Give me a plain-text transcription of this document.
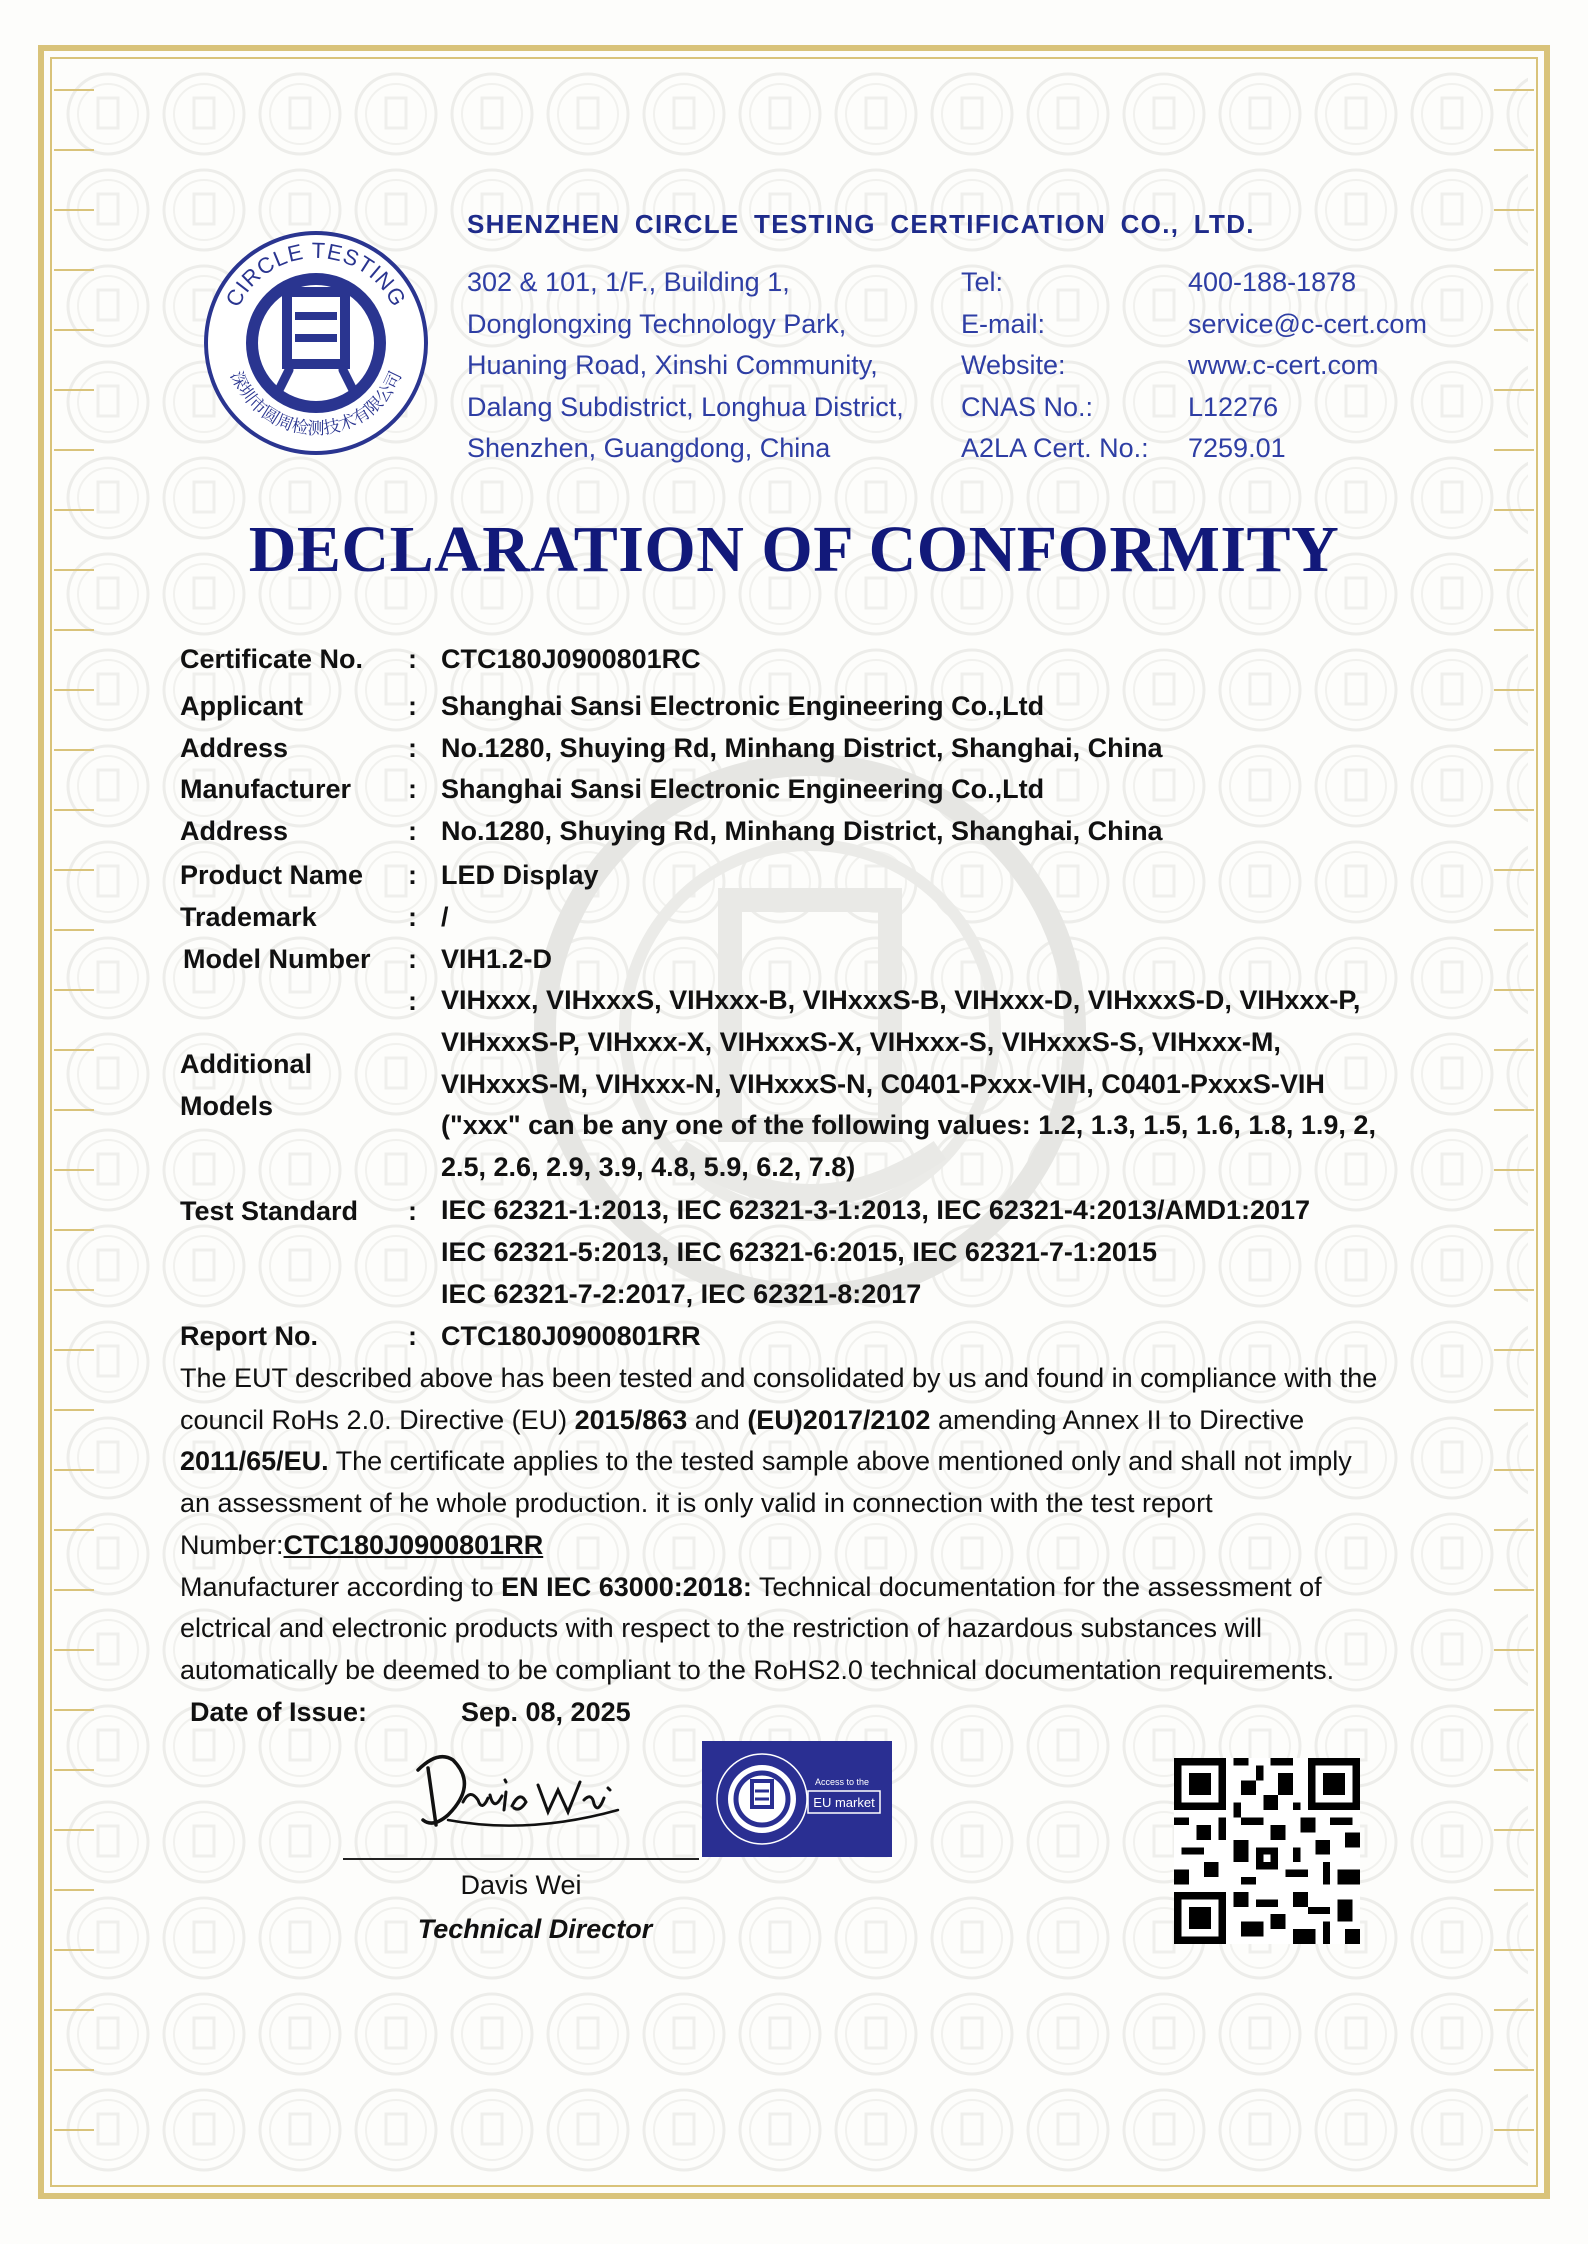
CIRCLE TESTING
深圳市圆周检测技术有限公司
SHENZHEN CIRCLE TESTING CERTIFICATION CO., LTD.
302 & 101, 1/F., Building 1,
Donglongxing Technology Park,
Huaning Road, Xinshi Community,
Dalang Subdistrict, Longhua District,
Shenzhen, Guangdong, China
Tel:	400-188-1878
E-mail:	service@c-cert.com
Website:	www.c-cert.com
CNAS No.:	L12276
A2LA Cert. No.: 7259.01
DECLARATION OF CONFORMITY
Certificate No. : CTC180J0900801RC
Applicant	: Shanghai Sansi Electronic Engineering Co.,Ltd
Address	: No.1280, Shuying Rd, Minhang District, Shanghai, China
Manufacturer : Shanghai Sansi Electronic Engineering Co.,Ltd
Address	: No.1280, Shuying Rd, Minhang District, Shanghai, China
Product Name : LED Display
Trademark	: /
Model Number : VIH1.2-D
Additional
Models
: VIHxxx, VIHxxxS, VIHxxx-B, VIHxxxS-B, VIHxxx-D, VIHxxxS-D, VIHxxx-P,
VIHxxxS-P, VIHxxx-X, VIHxxxS-X, VIHxxx-S, VIHxxxS-S, VIHxxx-M,
VIHxxxS-M, VIHxxx-N, VIHxxxS-N, C0401-Pxxx-VIH, C0401-PxxxS-VIH
("xxx" can be any one of the following values: 1.2, 1.3, 1.5, 1.6, 1.8, 1.9, 2,
2.5, 2.6, 2.9, 3.9, 4.8, 5.9, 6.2, 7.8)
Test Standard : IEC 62321-1:2013, IEC 62321-3-1:2013, IEC 62321-4:2013/AMD1:2017
IEC 62321-5:2013, IEC 62321-6:2015, IEC 62321-7-1:2015
IEC 62321-7-2:2017, IEC 62321-8:2017
Report No.	: CTC180J0900801RR
The EUT described above has been tested and consolidated by us and found in compliance with the
council RoHs 2.0. Directive (EU) 2015/863 and (EU)2017/2102 amending Annex II to Directive
2011/65/EU. The certificate applies to the tested sample above mentioned only and shall not imply
an assessment of he whole production. it is only valid in connection with the test report
Number:CTC180J0900801RR
Manufacturer according to EN IEC 63000:2018: Technical documentation for the assessment of
elctrical and electronic products with respect to the restriction of hazardous substances will
automatically be deemed to be compliant to the RoHS2.0 technical documentation requirements.
Date of Issue:	Sep. 08, 2025
Davis Wei
Technical Director
Access to the
EU market
